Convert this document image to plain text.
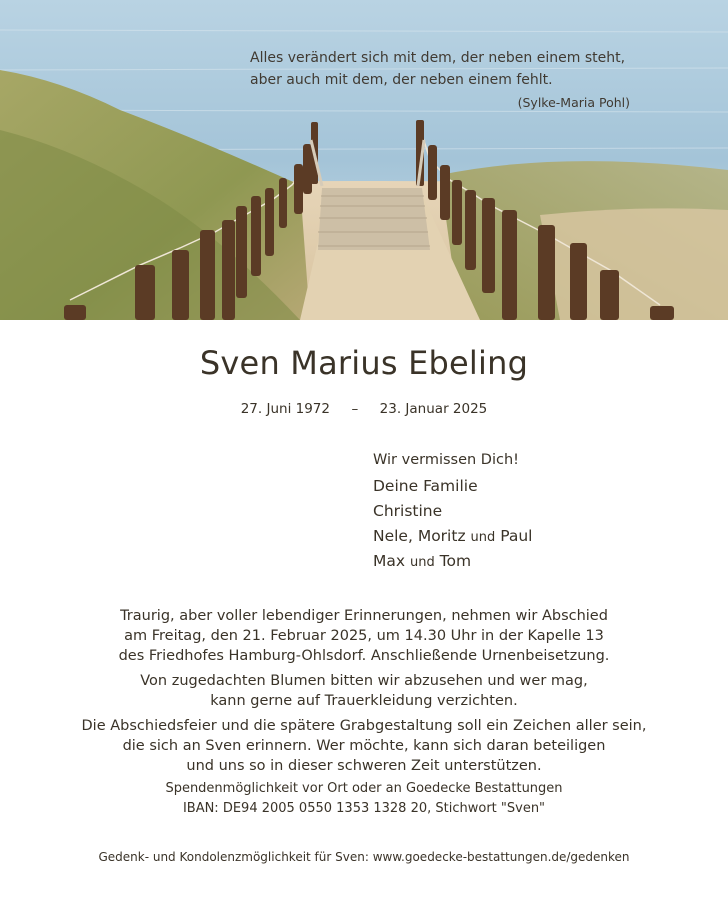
Alles verändert sich mit dem, der neben einem steht,
aber auch mit dem, der neben einem fehlt.
(Sylke-Maria Pohl)
Sven Marius Ebeling
27. Juni 1972 – 23. Januar 2025
Wir vermissen Dich!
Deine Familie
Christine
Nele, Moritz und Paul
Max und Tom
Traurig, aber voller lebendiger Erinnerungen, nehmen wir Abschied
am Freitag, den 21. Februar 2025, um 14.30 Uhr in der Kapelle 13
des Friedhofes Hamburg-Ohlsdorf. Anschließende Urnenbeisetzung.
Von zugedachten Blumen bitten wir abzusehen und wer mag,
kann gerne auf Trauerkleidung verzichten.
Die Abschiedsfeier und die spätere Grabgestaltung soll ein Zeichen aller sein,
die sich an Sven erinnern. Wer möchte, kann sich daran beteiligen
und uns so in dieser schweren Zeit unterstützen.
Spendenmöglichkeit vor Ort oder an Goedecke Bestattungen
IBAN: DE94 2005 0550 1353 1328 20, Stichwort "Sven"
Gedenk- und Kondolenzmöglichkeit für Sven: www.goedecke-bestattungen.de/gedenken
